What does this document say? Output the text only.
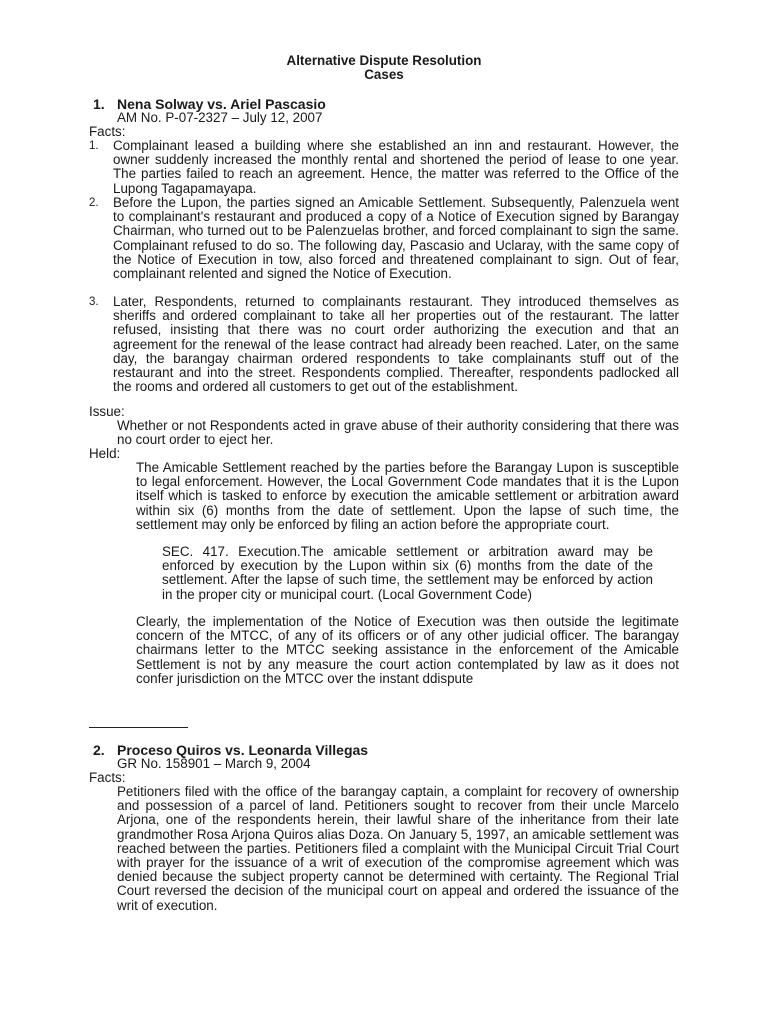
Alternative Dispute Resolution
Cases
1. Nena Solway vs. Ariel Pascasio
AM No. P-07-2327 – July 12, 2007
Facts:
1. Complainant leased a building where she established an inn and restaurant. However, the owner suddenly increased the monthly rental and shortened the period of lease to one year. The parties failed to reach an agreement. Hence, the matter was referred to the Office of the Lupong Tagapamayapa.
2. Before the Lupon, the parties signed an Amicable Settlement. Subsequently, Palenzuela went to complainant's restaurant and produced a copy of a Notice of Execution signed by Barangay Chairman, who turned out to be Palenzuelas brother, and forced complainant to sign the same. Complainant refused to do so. The following day, Pascasio and Uclaray, with the same copy of the Notice of Execution in tow, also forced and threatened complainant to sign. Out of fear, complainant relented and signed the Notice of Execution.
3. Later, Respondents, returned to complainants restaurant. They introduced themselves as sheriffs and ordered complainant to take all her properties out of the restaurant. The latter refused, insisting that there was no court order authorizing the execution and that an agreement for the renewal of the lease contract had already been reached. Later, on the same day, the barangay chairman ordered respondents to take complainants stuff out of the restaurant and into the street. Respondents complied. Thereafter, respondents padlocked all the rooms and ordered all customers to get out of the establishment.
Issue:
Whether or not Respondents acted in grave abuse of their authority considering that there was no court order to eject her.
Held:
The Amicable Settlement reached by the parties before the Barangay Lupon is susceptible to legal enforcement. However, the Local Government Code mandates that it is the Lupon itself which is tasked to enforce by execution the amicable settlement or arbitration award within six (6) months from the date of settlement. Upon the lapse of such time, the settlement may only be enforced by filing an action before the appropriate court.
SEC. 417. Execution.The amicable settlement or arbitration award may be enforced by execution by the Lupon within six (6) months from the date of the settlement. After the lapse of such time, the settlement may be enforced by action in the proper city or municipal court. (Local Government Code)
Clearly, the implementation of the Notice of Execution was then outside the legitimate concern of the MTCC, of any of its officers or of any other judicial officer. The barangay chairmans letter to the MTCC seeking assistance in the enforcement of the Amicable Settlement is not by any measure the court action contemplated by law as it does not confer jurisdiction on the MTCC over the instant ddispute
2. Proceso Quiros vs. Leonarda Villegas
GR No. 158901 – March 9, 2004
Facts:
Petitioners filed with the office of the barangay captain, a complaint for recovery of ownership and possession of a parcel of land. Petitioners sought to recover from their uncle Marcelo Arjona, one of the respondents herein, their lawful share of the inheritance from their late grandmother Rosa Arjona Quiros alias Doza. On January 5, 1997, an amicable settlement was reached between the parties. Petitioners filed a complaint with the Municipal Circuit Trial Court with prayer for the issuance of a writ of execution of the compromise agreement which was denied because the subject property cannot be determined with certainty. The Regional Trial Court reversed the decision of the municipal court on appeal and ordered the issuance of the writ of execution.
